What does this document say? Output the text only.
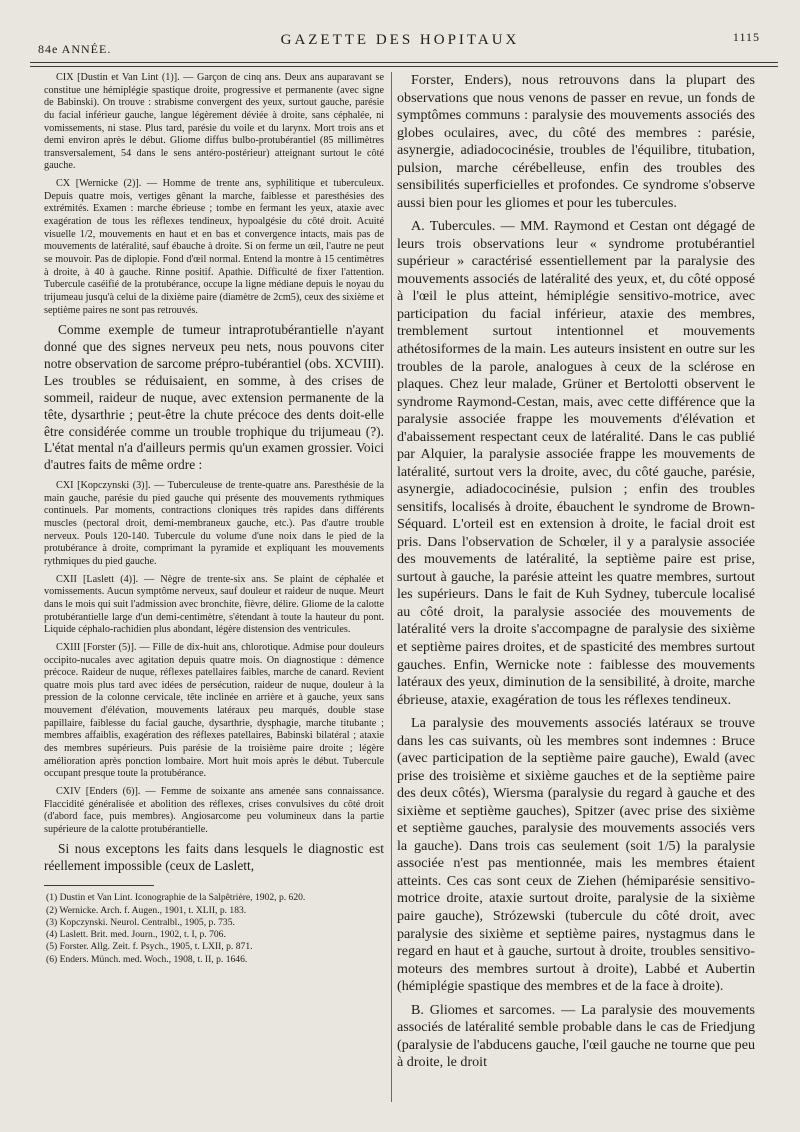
84e ANNÉE.
GAZETTE DES HOPITAUX	1115

CIX [Dustin et Van Lint (1)]. — Garçon de cinq ans. Deux ans auparavant se constitue une hémiplégie spastique droite, progressive et permanente (avec signe de Babinski). On trouve : strabisme convergent des yeux, surtout gauche, parésie du facial inférieur gauche, langue légèrement déviée à droite, sans céphalée, ni vomissements, ni stase. Plus tard, parésie du voile et du larynx. Mort trois ans et demi environ après le début. Gliome diffus bulbo-protubérantiel (85 millimètres transversalement, 54 dans le sens antéro-postérieur) atteignant surtout le côté gauche.

CX [Wernicke (2)]. — Homme de trente ans, syphilitique et tuberculeux. Depuis quatre mois, vertiges gênant la marche, faiblesse et paresthésies des extrémités. Examen : marche ébrieuse ; tombe en fermant les yeux, ataxie avec exagération de tous les réflexes tendineux, hypoalgésie du côté droit. Acuité visuelle 1/2, mouvements en haut et en bas et convergence intacts, mais pas de mouvements de latéralité, sauf ébauche à droite. Si on ferme un œil, l'autre ne peut se mouvoir. Pas de diplopie. Fond d'œil normal. Entend la montre à 15 centimètres à droite, à 40 à gauche. Rinne positif. Apathie. Difficulté de fixer l'attention. Tubercule caséifié de la protubérance, occupe la ligne médiane depuis le noyau du trijumeau jusqu'à celui de la dixième paire (diamètre de 2cm5), ceux des sixième et septième paires ne sont pas retrouvés.

Comme exemple de tumeur intraprotubérantielle n'ayant donné que des signes nerveux peu nets, nous pouvons citer notre observation de sarcome prépro-tubérantiel (obs. XCVIII). Les troubles se réduisaient, en somme, à des crises de sommeil, raideur de nuque, avec extension permanente de la tête, dysarthrie ; peut-être la chute précoce des dents doit-elle être considérée comme un trouble trophique du trijumeau (?). L'état mental n'a d'ailleurs permis qu'un examen grossier. Voici d'autres faits de même ordre :

CXI [Kopczynski (3)]. — Tuberculeuse de trente-quatre ans. Paresthésie de la main gauche, parésie du pied gauche qui présente des mouvements rythmiques continuels. Par moments, contractions cloniques très rapides dans différents muscles (pectoral droit, demi-membraneux gauche, etc.). Pas d'autre trouble nerveux. Pouls 120-140. Tubercule du volume d'une noix dans le pied de la protubérance à droite, comprimant la pyramide et expliquant les mouvements rythmiques du pied gauche.

CXII [Laslett (4)]. — Nègre de trente-six ans. Se plaint de céphalée et vomissements. Aucun symptôme nerveux, sauf douleur et raideur de nuque. Meurt dans le mois qui suit l'admission avec bronchite, fièvre, délire. Gliome de la calotte protubérantielle large d'un demi-centimètre, s'étendant à toute la hauteur du pont. Liquide céphalo-rachidien plus abondant, légère distension des ventricules.

CXIII [Forster (5)]. — Fille de dix-huit ans, chlorotique. Admise pour douleurs occipito-nucales avec agitation depuis quatre mois. On diagnostique : démence précoce. Raideur de nuque, réflexes patellaires faibles, marche de canard. Revient quatre mois plus tard avec idées de persécution, raideur de nuque, douleur à la pression de la colonne cervicale, tête inclinée en arrière et à gauche, yeux sans mouvement d'élévation, mouvements latéraux peu marqués, double stase papillaire, faiblesse du facial gauche, dysarthrie, dysphagie, marche titubante ; membres affaiblis, exagération des réflexes patellaires, Babinski bilatéral ; ataxie des membres supérieurs. Puis parésie de la troisième paire droite ; légère amélioration après ponction lombaire. Mort huit mois après le début. Tubercule occupant presque toute la protubérance.

CXIV [Enders (6)]. — Femme de soixante ans amenée sans connaissance. Flaccidité généralisée et abolition des réflexes, crises convulsives du côté droit (d'abord face, puis membres). Angiosarcome peu volumineux dans la partie supérieure de la calotte protubérantielle.

Si nous exceptons les faits dans lesquels le diagnostic est réellement impossible (ceux de Laslett,

(1) Dustin et Van Lint. Iconographie de la Salpêtrière, 1902, p. 620.

(2) Wernicke. Arch. f. Augen., 1901, t. XLII, p. 183.

(3) Kopczynski. Neurol. Centralbl., 1905, p. 735.

(4) Laslett. Brit. med. Journ., 1902, t. I, p. 706.

(5) Forster. Allg. Zeit. f. Psych., 1905, t. LXII, p. 871.

(6) Enders. Münch. med. Woch., 1908, t. II, p. 1646.

Forster, Enders), nous retrouvons dans la plupart des observations que nous venons de passer en revue, un fonds de symptômes communs : paralysie des mouvements associés des globes oculaires, avec, du côté des membres : parésie, asynergie, adiadococinésie, troubles de l'équilibre, titubation, pulsion, marche cérébelleuse, enfin des troubles des sensibilités superficielles et profondes. Ce syndrome s'observe aussi bien pour les gliomes et pour les tubercules.

A. Tubercules. — MM. Raymond et Cestan ont dégagé de leurs trois observations leur « syndrome protubérantiel supérieur » caractérisé essentiellement par la paralysie des mouvements associés de latéralité des yeux, et, du côté opposé à l'œil le plus atteint, hémiplégie sensitivo-motrice, avec participation du facial inférieur, ataxie des membres, tremblement surtout intentionnel et mouvements athétosiformes de la main. Les auteurs insistent en outre sur les troubles de la parole, analogues à ceux de la sclérose en plaques. Chez leur malade, Grüner et Bertolotti observent le syndrome Raymond-Cestan, mais, avec cette différence que la paralysie associée frappe les mouvements d'élévation et d'abaissement respectant ceux de latéralité. Dans le cas publié par Alquier, la paralysie associée frappe les mouvements de latéralité, surtout vers la droite, avec, du côté gauche, parésie, asynergie, adiadococinésie, pulsion ; enfin des troubles sensitifs, localisés à droite, ébauchent le syndrome de Brown-Séquard. L'orteil est en extension à droite, le facial droit est pris. Dans l'observation de Schœler, il y a paralysie associée des mouvements de latéralité, la septième paire est prise, surtout à gauche, la parésie atteint les quatre membres, surtout les supérieurs. Dans le fait de Kuh Sydney, tubercule localisé au côté droit, la paralysie associée des mouvements de latéralité vers la droite s'accompagne de paralysie des sixième et septième paires droites, et de spasticité des membres surtout gauches. Enfin, Wernicke note : faiblesse des mouvements latéraux des yeux, diminution de la sensibilité, à droite, marche ébrieuse, ataxie, exagération de tous les réflexes tendineux.

La paralysie des mouvements associés latéraux se trouve dans les cas suivants, où les membres sont indemnes : Bruce (avec participation de la septième paire gauche), Ewald (avec prise des troisième et sixième gauches et de la septième paire des deux côtés), Wiersma (paralysie du regard à gauche et des sixième et septième gauches), Spitzer (avec prise des sixième et septième gauches, paralysie des mouvements associés vers la gauche). Dans trois cas seulement (soit 1/5) la paralysie associée n'est pas mentionnée, mais les membres étaient atteints. Ces cas sont ceux de Ziehen (hémiparésie sensitivo-motrice droite, ataxie surtout droite, paralysie de la sixième paire gauche), Strózewski (tubercule du côté droit, avec paralysie des sixième et septième paires, nystagmus dans le regard en haut et à gauche, surtout à droite, troubles sensitivo-moteurs des membres surtout à droite), Labbé et Aubertin (hémiplégie spastique des membres et de la face à droite).

B. Gliomes et sarcomes. — La paralysie des mouvements associés de latéralité semble probable dans le cas de Friedjung (paralysie de l'abducens gauche, l'œil gauche ne tourne que peu à droite, le droit
